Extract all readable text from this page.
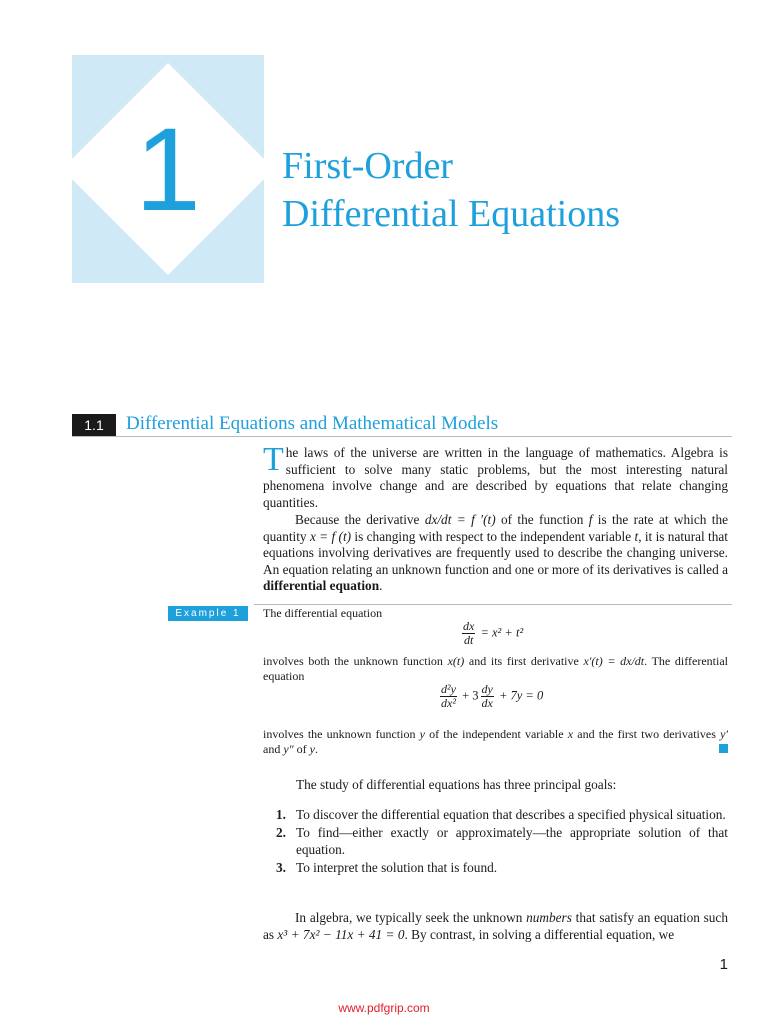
1	First-Order
Differential Equations
1.1	Differential Equations and Mathematical Models
The laws of the universe are written in the language of mathematics. Algebra is sufficient to solve many static problems, but the most interesting natural phenomena involve change and are described by equations that relate changing quantities.
Because the derivative dx/dt = f ′(t) of the function f is the rate at which the quantity x = f (t) is changing with respect to the independent variable t, it is natural that equations involving derivatives are frequently used to describe the changing universe. An equation relating an unknown function and one or more of its derivatives is called a differential equation.
Example 1	The differential equation
$\frac{dx}{dt} = x^2 + t^2$
involves both the unknown function x(t) and its first derivative x′(t) = dx/dt. The differential equation
$\frac{\text{d²y}}{\text{dx²}} + 3 \frac{dy}{dx} + 7y = 0$
involves the unknown function y of the independent variable x and the first two derivatives y′ and y″ of y.
The study of differential equations has three principal goals:
1. To discover the differential equation that describes a specified physical situation.
2. To find—either exactly or approximately—the appropriate solution of that equation.
3. To interpret the solution that is found.
In algebra, we typically seek the unknown numbers that satisfy an equation such as x³ + 7x² − 11x + 41 = 0. By contrast, in solving a differential equation, we
1
www.pdfgrip.com
